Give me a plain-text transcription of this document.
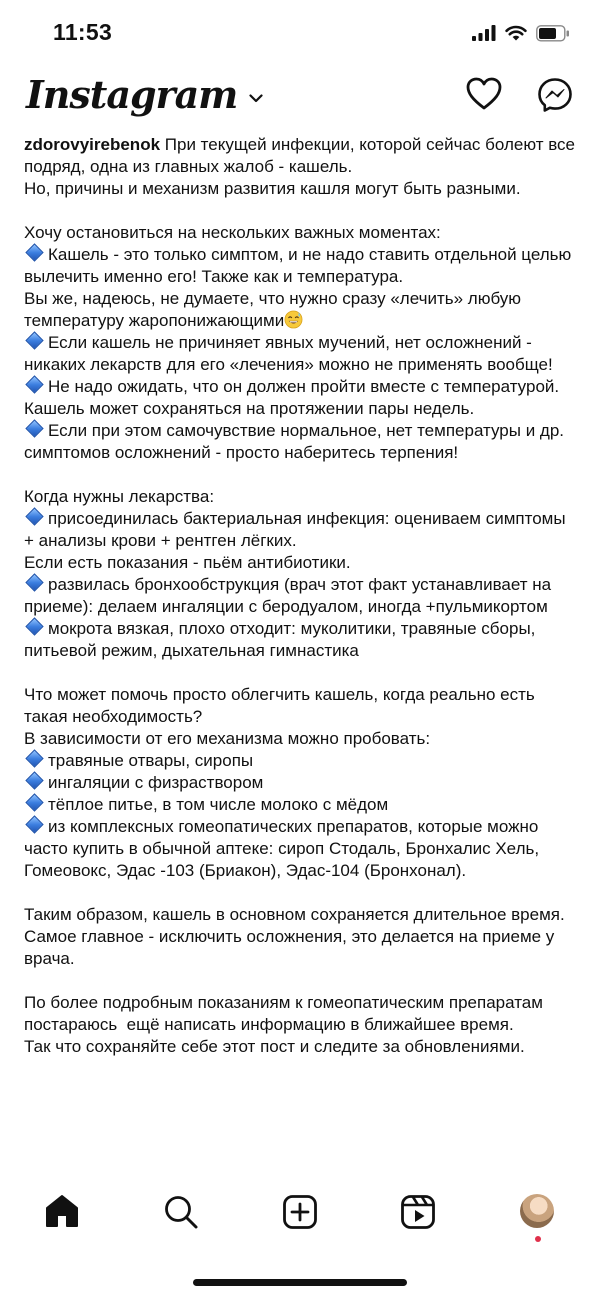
11:53
Instagram

zdorovyirebenok При текущей инфекции, которой сейчас болеют все подряд, одна из главных жалоб - кашель.

Но, причины и механизм развития кашля могут быть разными.

Хочу остановиться на нескольких важных моментах:

Кашель - это только симптом, и не надо ставить отдельной целью вылечить именно его! Также как и температура.

Вы же, надеюсь, не думаете, что нужно сразу «лечить» любую температуру жаропонижающими

Если кашель не причиняет явных мучений, нет осложнений - никаких лекарств для его «лечения» можно не применять вообще!

Не надо ожидать, что он должен пройти вместе с температурой.

Кашель может сохраняться на протяжении пары недель.

Если при этом самочувствие нормальное, нет температуры и др. симптомов осложнений - просто наберитесь терпения!

Когда нужны лекарства:

присоединилась бактериальная инфекция: оцениваем симптомы + анализы крови + рентген лёгких.

Если есть показания - пьём антибиотики.

развилась бронхообструкция (врач этот факт устанавливает на приеме): делаем ингаляции с беродуалом, иногда +пульмикортом

мокрота вязкая, плохо отходит: муколитики, травяные сборы, питьевой режим, дыхательная гимнастика

Что может помочь просто облегчить кашель, когда реально есть такая необходимость?

В зависимости от его механизма можно пробовать:

травяные отвары, сиропы

ингаляции с физраствором

тёплое питье, в том числе молоко с мёдом

из комплексных гомеопатических препаратов, которые можно часто купить в обычной аптеке: сироп Стодаль, Бронхалис Хель, Гомеовокс, Эдас -103 (Бриакон), Эдас-104 (Бронхонал).

Таким образом, кашель в основном сохраняется длительное время.

Самое главное - исключить осложнения, это делается на приеме у врача.

По более подробным показаниям к гомеопатическим препаратам постараюсь  ещё написать информацию в ближайшее время.

Так что сохраняйте себе этот пост и следите за обновлениями.
